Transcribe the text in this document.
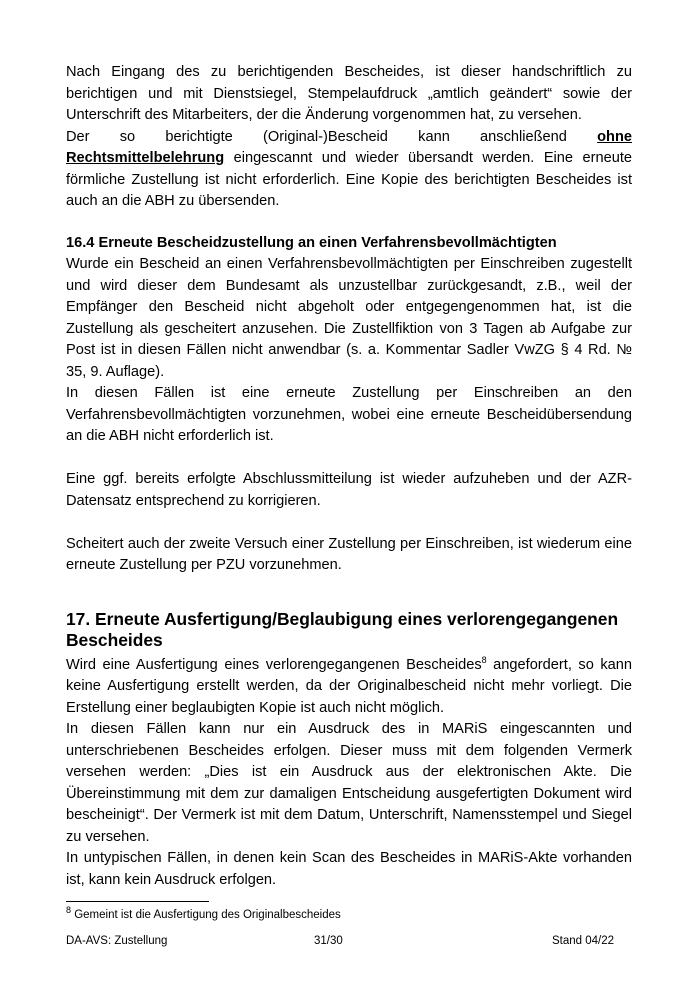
Nach Eingang des zu berichtigenden Bescheides, ist dieser handschriftlich zu berichtigen und mit Dienstsiegel, Stempelaufdruck „amtlich geändert“ sowie der Unterschrift des Mitarbeiters, der die Änderung vorgenommen hat, zu versehen.

Der so berichtigte (Original-)Bescheid kann anschließend ohne Rechtsmittelbelehrung eingescannt und wieder übersandt werden. Eine erneute förmliche Zustellung ist nicht erforderlich. Eine Kopie des berichtigten Bescheides ist auch an die ABH zu übersenden.

16.4 Erneute Bescheidzustellung an einen Verfahrensbevollmächtigten

Wurde ein Bescheid an einen Verfahrensbevollmächtigten per Einschreiben zugestellt und wird dieser dem Bundesamt als unzustellbar zurückgesandt, z.B., weil der Empfänger den Bescheid nicht abgeholt oder entgegengenommen hat, ist die Zustellung als gescheitert anzusehen. Die Zustellfiktion von 3 Tagen ab Aufgabe zur Post ist in diesen Fällen nicht anwendbar (s. a. Kommentar Sadler VwZG § 4 Rd. № 35, 9. Auflage).

In diesen Fällen ist eine erneute Zustellung per Einschreiben an den Verfahrensbevollmächtigten vorzunehmen, wobei eine erneute Bescheidübersendung an die ABH nicht erforderlich ist.

Eine ggf. bereits erfolgte Abschlussmitteilung ist wieder aufzuheben und der AZR-Datensatz entsprechend zu korrigieren.

Scheitert auch der zweite Versuch einer Zustellung per Einschreiben, ist wiederum eine erneute Zustellung per PZU vorzunehmen.

17. Erneute Ausfertigung/Beglaubigung eines verlorengegangenen Bescheides

Wird eine Ausfertigung eines verlorengegangenen Bescheides$^8$ angefordert, so kann keine Ausfertigung erstellt werden, da der Originalbescheid nicht mehr vorliegt. Die Erstellung einer beglaubigten Kopie ist auch nicht möglich.

In diesen Fällen kann nur ein Ausdruck des in MARiS eingescannten und unterschriebenen Bescheides erfolgen. Dieser muss mit dem folgenden Vermerk versehen werden: „Dies ist ein Ausdruck aus der elektronischen Akte. Die Übereinstimmung mit dem zur damaligen Entscheidung ausgefertigten Dokument wird bescheinigt“. Der Vermerk ist mit dem Datum, Unterschrift, Namensstempel und Siegel zu versehen.

In untypischen Fällen, in denen kein Scan des Bescheides in MARiS-Akte vorhanden ist, kann kein Ausdruck erfolgen.

$^8$ Gemeint ist die Ausfertigung des Originalbescheides
DA-AVS: Zustellung	31/30	Stand 04/22
